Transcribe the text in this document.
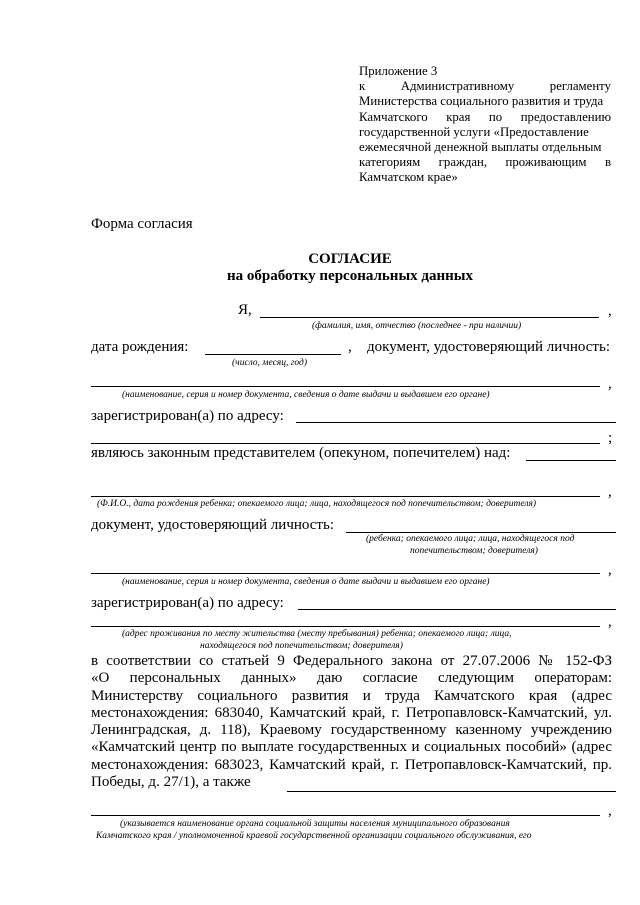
Приложение 3
к Административному регламенту
Министерства социального развития и труда
Камчатского края по предоставлению
государственной услуги «Предоставление
ежемесячной денежной выплаты отдельным
категориям граждан, проживающим в
Камчатском крае»
Форма согласия
СОГЛАСИЕ
на обработку персональных данных
Я,	,
(фамилия, имя, отчество (последнее - при наличии)
дата рождения:	, документ, удостоверяющий личность:
(число, месяц, год)
,
(наименование, серия и номер документа, сведения о дате выдачи и выдавшем его органе)
зарегистрирован(а) по адресу:
;
являюсь законным представителем (опекуном, попечителем) над:
,
(Ф.И.О., дата рождения ребенка; опекаемого лица; лица, находящегося под попечительством; доверителя)
документ, удостоверяющий личность:
(ребенка; опекаемого лица; лица, находящегося под
попечительством; доверителя)
,
(наименование, серия и номер документа, сведения о дате выдачи и выдавшем его органе)
зарегистрирован(а) по адресу:
,
(адрес проживания по месту жительства (месту пребывания) ребенка; опекаемого лица; лица,
находящегося под попечительством; доверителя)
в соответствии со статьей 9 Федерального закона от 27.07.2006 № 152-ФЗ
«О персональных данных» даю согласие следующим операторам:
Министерству социального развития и труда Камчатского края (адрес
местонахождения: 683040, Камчатский край, г. Петропавловск-Камчатский, ул.
Ленинградская, д. 118), Краевому государственному казенному учреждению
«Камчатский центр по выплате государственных и социальных пособий» (адрес
местонахождения: 683023, Камчатский край, г. Петропавловск-Камчатский, пр.
Победы, д. 27/1), а также
,
(указывается наименование органа социальной защиты населения муниципального образования
Камчатского края / уполномоченной краевой государственной организации социального обслуживания, его
